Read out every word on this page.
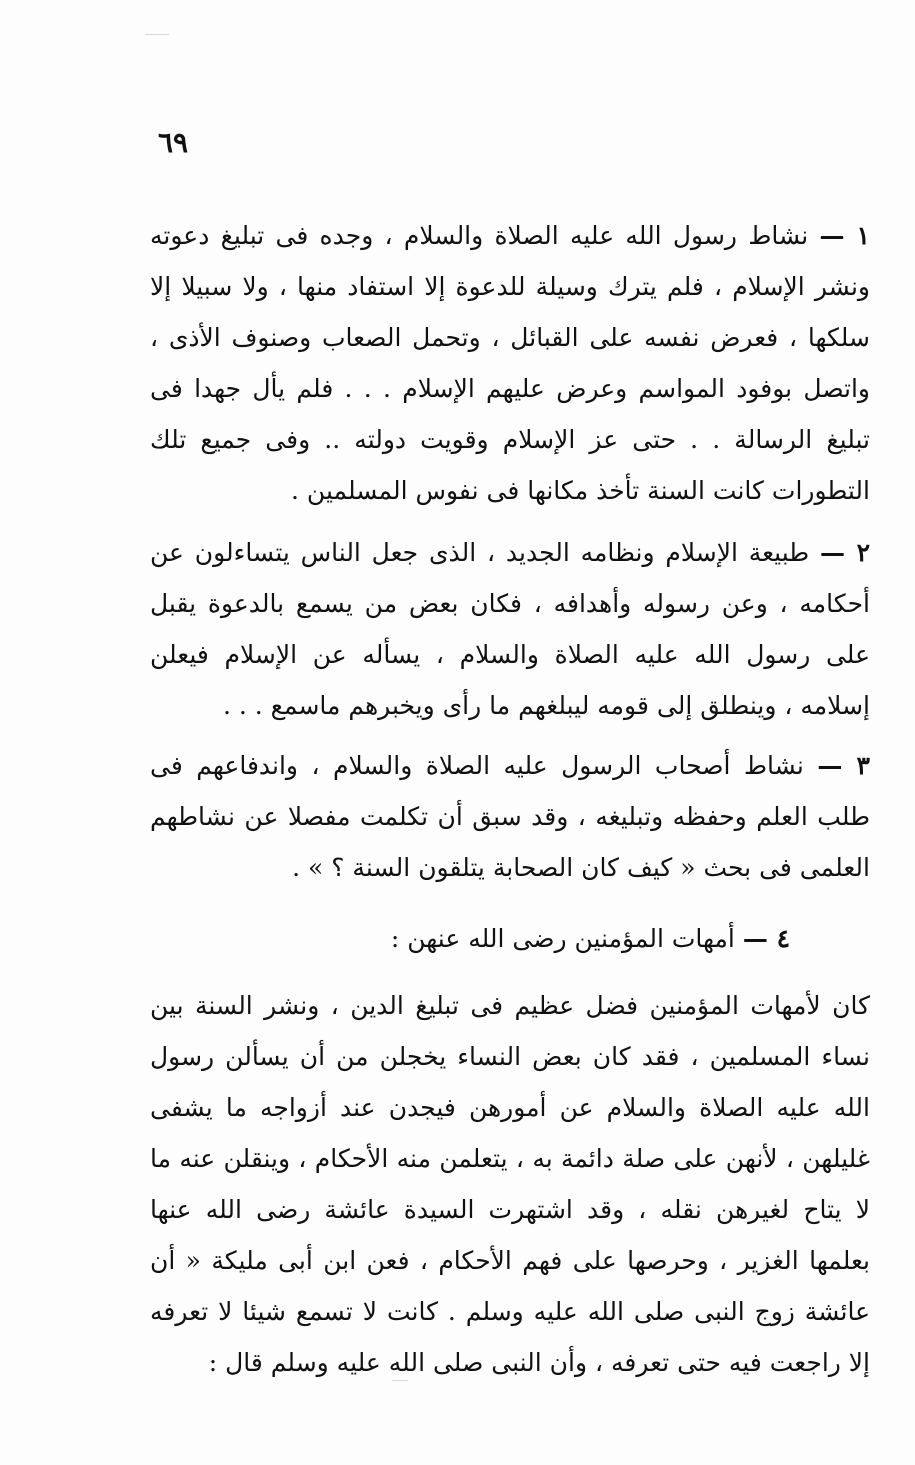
٦٩

١ — نشاط رسول الله عليه الصلاة والسلام ، وجده فى تبليغ دعوته ونشر الإسلام ، فلم يترك وسيلة للدعوة إلا استفاد منها ، ولا سبيلا إلا سلكها ، فعرض نفسه على القبائل ، وتحمل الصعاب وصنوف الأذى ، واتصل بوفود المواسم وعرض عليهم الإسلام . . . فلم يأل جهدا فى تبليغ الرسالة . . حتى عز الإسلام وقويت دولته .. وفى جميع تلك التطورات كانت السنة تأخذ مكانها فى نفوس المسلمين .

٢ — طبيعة الإسلام ونظامه الجديد ، الذى جعل الناس يتساءلون عن أحكامه ، وعن رسوله وأهدافه ، فكان بعض من يسمع بالدعوة يقبل على رسول الله عليه الصلاة والسلام ، يسأله عن الإسلام فيعلن إسلامه ، وينطلق إلى قومه ليبلغهم ما رأى ويخبرهم ماسمع . . .

٣ — نشاط أصحاب الرسول عليه الصلاة والسلام ، واندفاعهم فى طلب العلم وحفظه وتبليغه ، وقد سبق أن تكلمت مفصلا عن نشاطهم العلمى فى بحث « كيف كان الصحابة يتلقون السنة ؟ » .

٤ — أمهات المؤمنين رضى الله عنهن :

كان لأمهات المؤمنين فضل عظيم فى تبليغ الدين ، ونشر السنة بين نساء المسلمين ، فقد كان بعض النساء يخجلن من أن يسألن رسول الله عليه الصلاة والسلام عن أمورهن فيجدن عند أزواجه ما يشفى غليلهن ، لأنهن على صلة دائمة به ، يتعلمن منه الأحكام ، وينقلن عنه ما لا يتاح لغيرهن نقله ، وقد اشتهرت السيدة عائشة رضى الله عنها بعلمها الغزير ، وحرصها على فهم الأحكام ، فعن ابن أبى مليكة « أن عائشة زوج النبى صلى الله عليه وسلم . كانت لا تسمع شيئا لا تعرفه إلا راجعت فيه حتى تعرفه ، وأن النبى صلى الله عليه وسلم قال :
